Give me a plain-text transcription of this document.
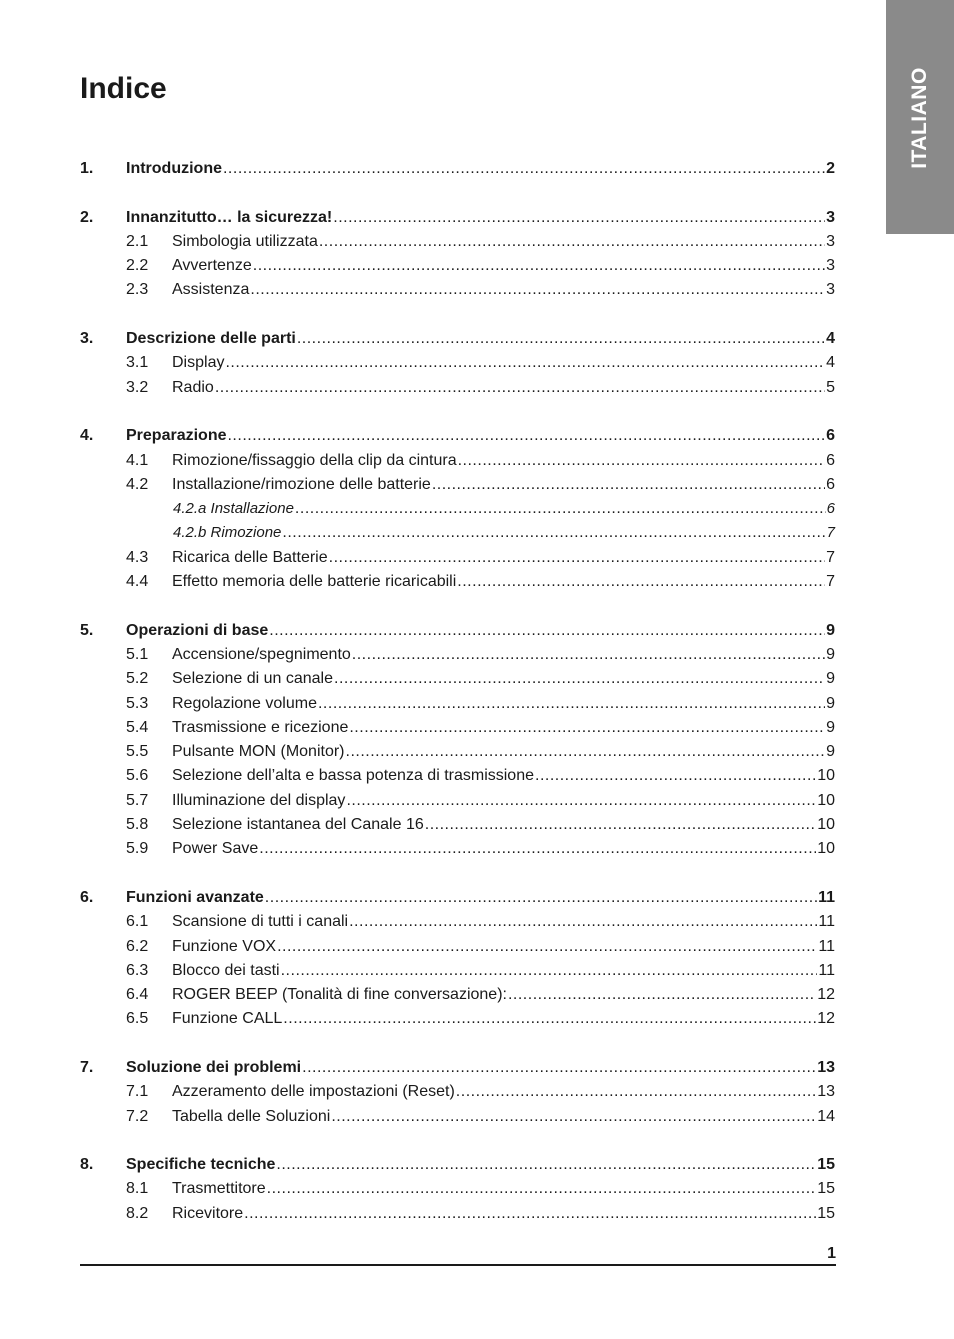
ITALIANO
Indice
1.	Introduzione .....	2
2.	Innanzitutto… la sicurezza! .....	3
2.1	Simbologia utilizzata .....	3
2.2	Avvertenze .....	3
2.3	Assistenza .....	3
3.	Descrizione delle parti .....	4
3.1	Display .....	4
3.2	Radio .....	5
4.	Preparazione .....	6
4.1	Rimozione/fissaggio della clip da cintura .....	6
4.2	Installazione/rimozione delle batterie .....	6
4.2.a Installazione .....	6
4.2.b Rimozione .....	7
4.3	Ricarica delle Batterie .....	7
4.4	Effetto memoria delle batterie ricaricabili .....	7
5.	Operazioni di base .....	9
5.1	Accensione/spegnimento .....	9
5.2	Selezione di un canale .....	9
5.3	Regolazione volume .....	9
5.4	Trasmissione e ricezione .....	9
5.5	Pulsante MON (Monitor) .....	9
5.6	Selezione dell’alta e bassa potenza di trasmissione .....	10
5.7	Illuminazione del display .....	10
5.8	Selezione istantanea del Canale 16 .....	10
5.9	Power Save .....	10
6.	Funzioni avanzate .....	11
6.1	Scansione di tutti i canali .....	11
6.2	Funzione VOX .....	11
6.3	Blocco dei tasti .....	11
6.4	ROGER BEEP (Tonalità di fine conversazione): .....	12
6.5	Funzione CALL .....	12
7.	Soluzione dei problemi .....	13
7.1	Azzeramento delle impostazioni (Reset) .....	13
7.2	Tabella delle Soluzioni .....	14
8.	Specifiche tecniche .....	15
8.1	Trasmettitore .....	15
8.2	Ricevitore .....	15
1
